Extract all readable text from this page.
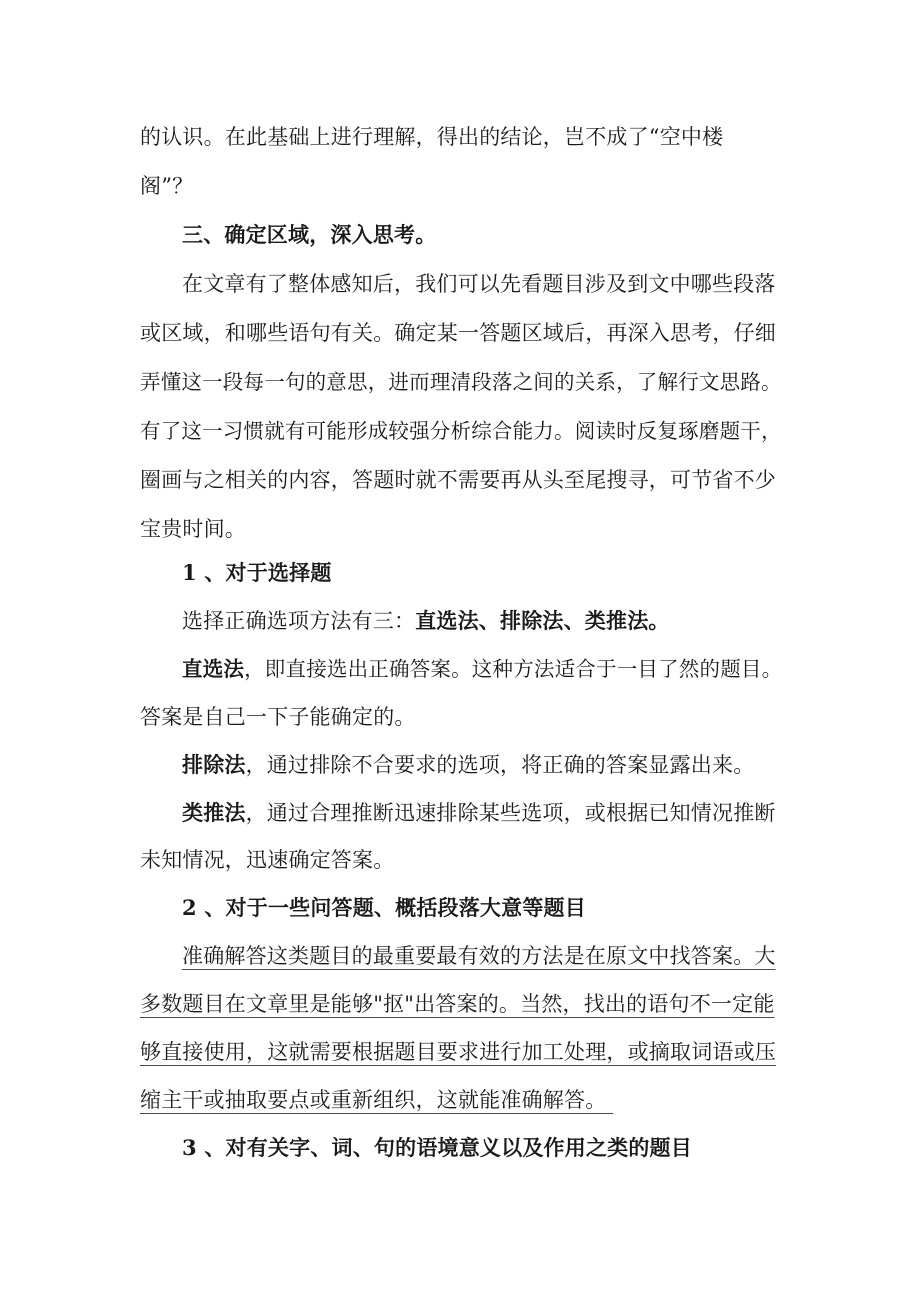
的认识。在此基础上进行理解，得出的结论，岂不成了“空中楼
阁”？
三、确定区域，深入思考。
在文章有了整体感知后，我们可以先看题目涉及到文中哪些段落
或区域，和哪些语句有关。确定某一答题区域后，再深入思考，仔细
弄懂这一段每一句的意思，进而理清段落之间的关系，了解行文思路。
有了这一习惯就有可能形成较强分析综合能力。阅读时反复琢磨题干，
圈画与之相关的内容，答题时就不需要再从头至尾搜寻，可节省不少
宝贵时间。
1 、对于选择题
选择正确选项方法有三：直选法、排除法、类推法。
直选法，即直接选出正确答案。这种方法适合于一目了然的题目。
答案是自己一下子能确定的。
排除法，通过排除不合要求的选项，将正确的答案显露出来。
类推法，通过合理推断迅速排除某些选项，或根据已知情况推断
未知情况，迅速确定答案。
2 、对于一些问答题、概括段落大意等题目
准确解答这类题目的最重要最有效的方法是在原文中找答案。大
多数题目在文章里是能够"抠"出答案的。当然，找出的语句不一定能
够直接使用，这就需要根据题目要求进行加工处理，或摘取词语或压
缩主干或抽取要点或重新组织，这就能准确解答。
3 、对有关字、词、句的语境意义以及作用之类的题目
